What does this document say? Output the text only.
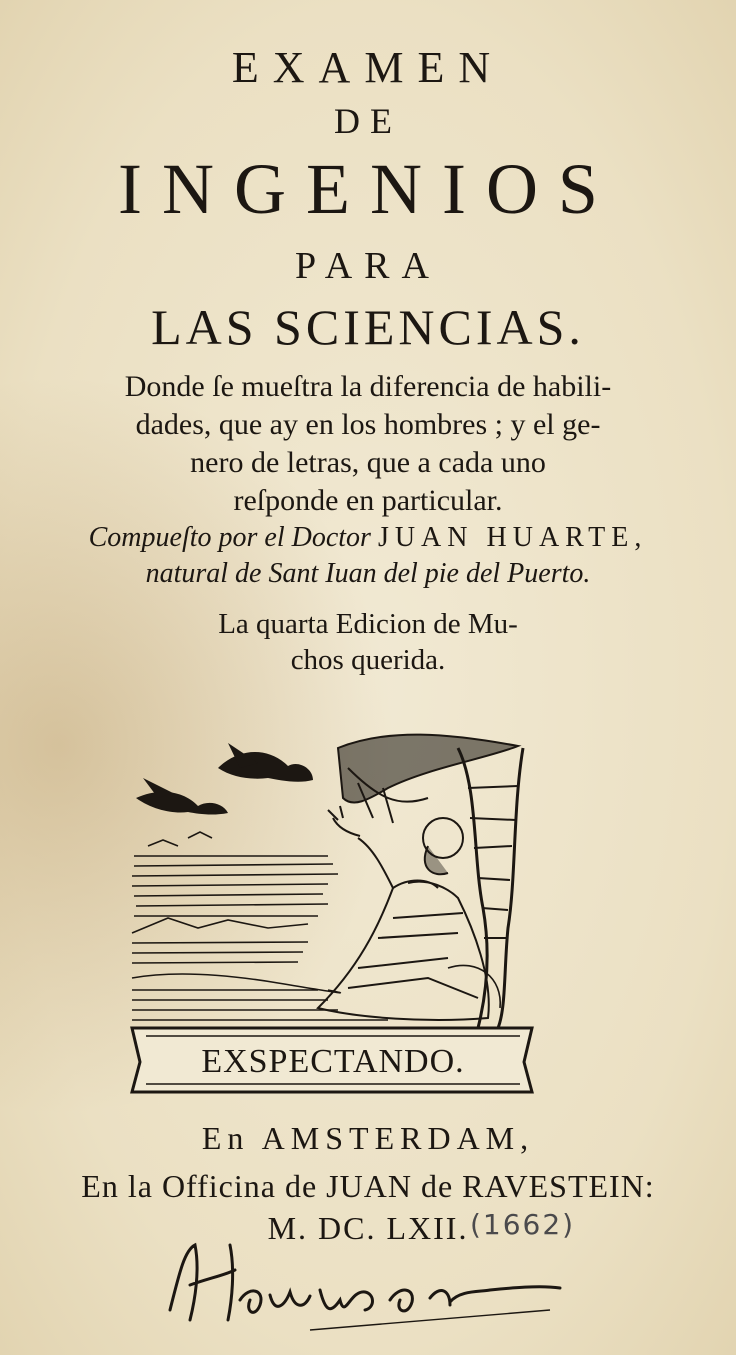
EXAMEN
DE
INGENIOS
PARA
LAS SCIENCIAS.
Donde ſe mueſtra la diferencia de habili-
dades, que ay en los hombres ; y el ge-
nero de letras, que a cada uno
reſponde en particular.
Compueſto por el Doctor JUAN HUARTE,
natural de Sant Iuan del pie del Puerto.
La quarta Edicion de Mu-
chos querida.
EXSPECTANDO.
En AMSTERDAM,
En la Officina de JUAN de RAVESTEIN:
M. DC. LXII. (1662)
